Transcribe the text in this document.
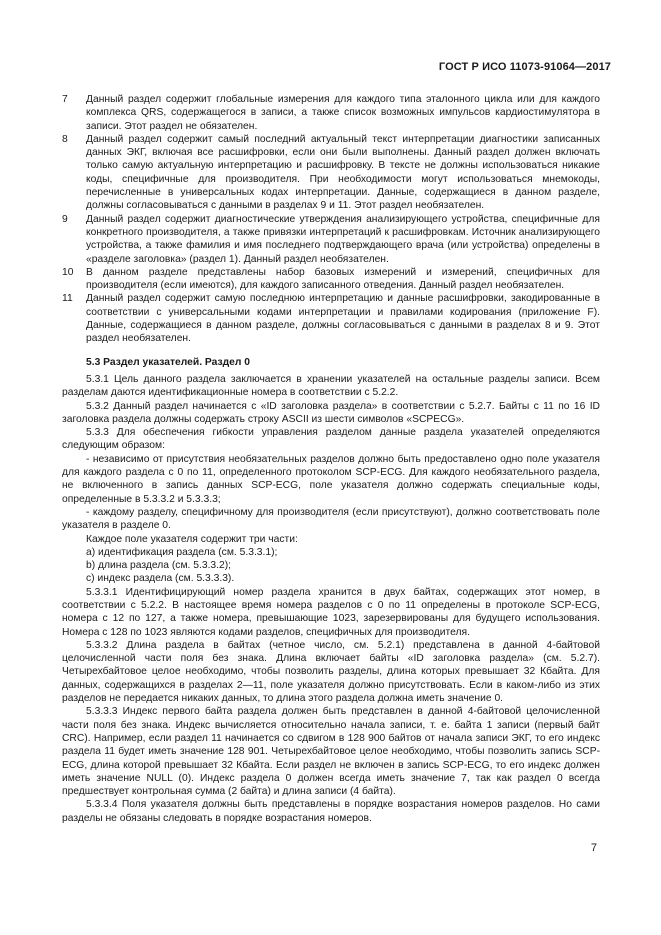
ГОСТ Р ИСО 11073-91064—2017
7	Данный раздел содержит глобальные измерения для каждого типа эталонного цикла или для каждого комплекса QRS, содержащегося в записи, а также список возможных импульсов кардиостимулятора в записи. Этот раздел не обязателен.
8	Данный раздел содержит самый последний актуальный текст интерпретации диагностики записанных данных ЭКГ, включая все расшифровки, если они были выполнены. Данный раздел должен включать только самую актуальную интерпретацию и расшифровку. В тексте не должны использоваться никакие коды, специфичные для производителя. При необходимости могут использоваться мнемокоды, перечисленные в универсальных кодах интерпретации. Данные, содержащиеся в данном разделе, должны согласовываться с данными в разделах 9 и 11. Этот раздел необязателен.
9	Данный раздел содержит диагностические утверждения анализирующего устройства, специфичные для конкретного производителя, а также привязки интерпретаций к расшифровкам. Источник анализирующего устройства, а также фамилия и имя последнего подтверждающего врача (или устройства) определены в «разделе заголовка» (раздел 1). Данный раздел необязателен.
10	В данном разделе представлены набор базовых измерений и измерений, специфичных для производителя (если имеются), для каждого записанного отведения. Данный раздел необязателен.
11	Данный раздел содержит самую последнюю интерпретацию и данные расшифровки, закодированные в соответствии с универсальными кодами интерпретации и правилами кодирования (приложение F). Данные, содержащиеся в данном разделе, должны согласовываться с данными в разделах 8 и 9. Этот раздел необязателен.
5.3 Раздел указателей. Раздел 0

5.3.1 Цель данного раздела заключается в хранении указателей на остальные разделы записи. Всем разделам даются идентификационные номера в соответствии с 5.2.2.

5.3.2 Данный раздел начинается с «ID заголовка раздела» в соответствии с 5.2.7. Байты с 11 по 16 ID заголовка раздела должны содержать строку ASCII из шести символов «SCPECG».

5.3.3 Для обеспечения гибкости управления разделом данные раздела указателей определяются следующим образом:

- независимо от присутствия необязательных разделов должно быть предоставлено одно поле указателя для каждого раздела с 0 по 11, определенного протоколом SCP-ECG. Для каждого необязательного раздела, не включенного в запись данных SCP-ECG, поле указателя должно содержать специальные коды, определенные в 5.3.3.2 и 5.3.3.3;

- каждому разделу, специфичному для производителя (если присутствуют), должно соответствовать поле указателя в разделе 0.

Каждое поле указателя содержит три части:

а) идентификация раздела (см. 5.3.3.1);

b) длина раздела (см. 5.3.3.2);

с) индекс раздела (см. 5.3.3.3).

5.3.3.1 Идентифицирующий номер раздела хранится в двух байтах, содержащих этот номер, в соответствии с 5.2.2. В настоящее время номера разделов с 0 по 11 определены в протоколе SCP-ECG, номера с 12 по 127, а также номера, превышающие 1023, зарезервированы для будущего использования. Номера с 128 по 1023 являются кодами разделов, специфичных для производителя.

5.3.3.2 Длина раздела в байтах (четное число, см. 5.2.1) представлена в данной 4-байтовой целочисленной части поля без знака. Длина включает байты «ID заголовка раздела» (см. 5.2.7). Четырехбайтовое целое необходимо, чтобы позволить разделы, длина которых превышает 32 Кбайта. Для данных, содержащихся в разделах 2—11, поле указателя должно присутствовать. Если в каком-либо из этих разделов не передается никаких данных, то длина этого раздела должна иметь значение 0.

5.3.3.3 Индекс первого байта раздела должен быть представлен в данной 4-байтовой целочисленной части поля без знака. Индекс вычисляется относительно начала записи, т. е. байта 1 записи (первый байт CRC). Например, если раздел 11 начинается со сдвигом в 128 900 байтов от начала записи ЭКГ, то его индекс раздела 11 будет иметь значение 128 901. Четырехбайтовое целое необходимо, чтобы позволить запись SCP-ECG, длина которой превышает 32 Кбайта. Если раздел не включен в запись SCP-ECG, то его индекс должен иметь значение NULL (0). Индекс раздела 0 должен всегда иметь значение 7, так как раздел 0 всегда предшествует контрольная сумма (2 байта) и длина записи (4 байта).

5.3.3.4 Поля указателя должны быть представлены в порядке возрастания номеров разделов. Но сами разделы не обязаны следовать в порядке возрастания номеров.

7
